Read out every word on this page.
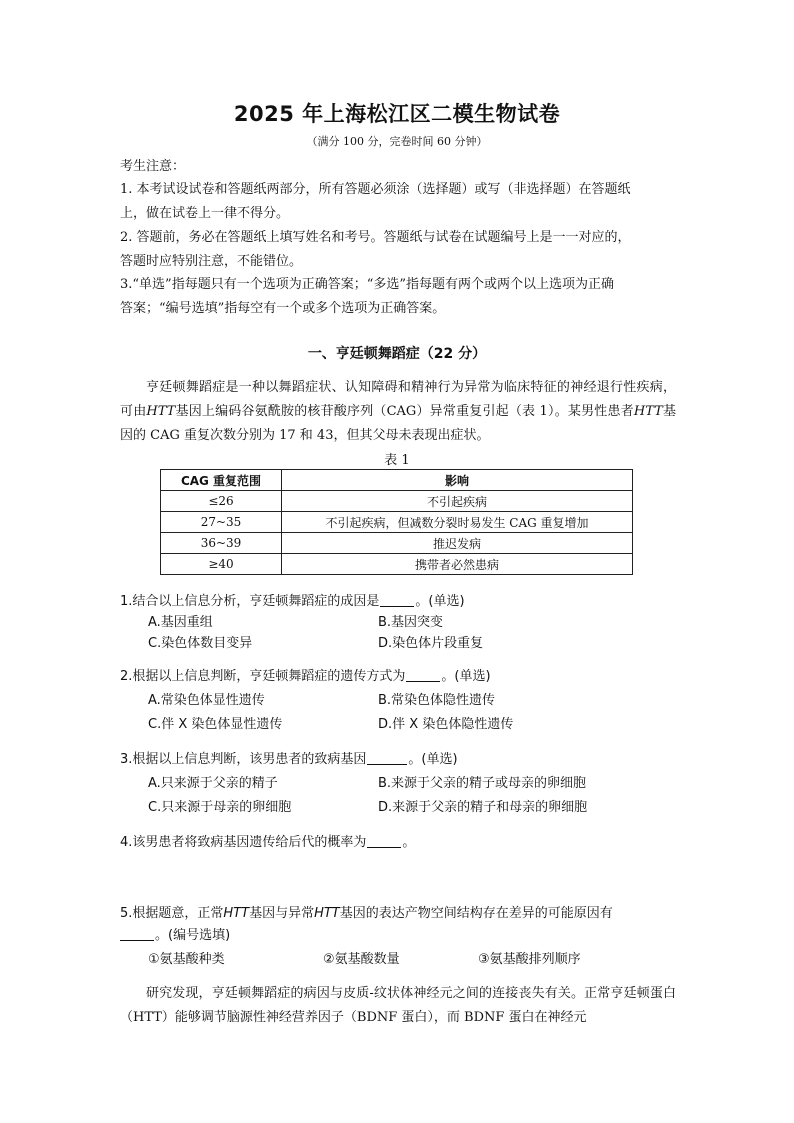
2025 年上海松江区二模生物试卷
（满分 100 分，完卷时间 60 分钟）
考生注意：
1. 本考试设试卷和答题纸两部分，所有答题必须涂（选择题）或写（非选择题）在答题纸
上，做在试卷上一律不得分。
2. 答题前，务必在答题纸上填写姓名和考号。答题纸与试卷在试题编号上是一一对应的，
答题时应特别注意，不能错位。
3.“单选”指每题只有一个选项为正确答案；“多选”指每题有两个或两个以上选项为正确
答案；“编号选填”指每空有一个或多个选项为正确答案。
一、亨廷顿舞蹈症（22 分）
亨廷顿舞蹈症是一种以舞蹈症状、认知障碍和精神行为异常为临床特征的神经退行性疾病，可由HTT基因上编码谷氨酰胺的核苷酸序列（CAG）异常重复引起（表 1）。某男性患者HTT基因的 CAG 重复次数分别为 17 和 43，但其父母未表现出症状。
表 1
CAG 重复范围	影响
≤26	不引起疾病
27~35	不引起疾病，但减数分裂时易发生 CAG 重复增加
36~39	推迟发病
≥40	携带者必然患病
1.结合以上信息分析，亨廷顿舞蹈症的成因是	。(单选)
A.基因重组	B.基因突变
C.染色体数目变异	D.染色体片段重复
2.根据以上信息判断，亨廷顿舞蹈症的遗传方式为	。(单选)
A.常染色体显性遗传	B.常染色体隐性遗传
C.伴 X 染色体显性遗传	D.伴 X 染色体隐性遗传
3.根据以上信息判断，该男患者的致病基因	。(单选)
A.只来源于父亲的精子	B.来源于父亲的精子或母亲的卵细胞
C.只来源于母亲的卵细胞	D.来源于父亲的精子和母亲的卵细胞
4.该男患者将致病基因遗传给后代的概率为	。
5.根据题意，正常HTT基因与异常HTT基因的表达产物空间结构存在差异的可能原因有
。(编号选填)
①氨基酸种类	②氨基酸数量	③氨基酸排列顺序
研究发现，亨廷顿舞蹈症的病因与皮质-纹状体神经元之间的连接丧失有关。正常亨廷顿蛋白（HTT）能够调节脑源性神经营养因子（BDNF 蛋白），而 BDNF 蛋白在神经元
